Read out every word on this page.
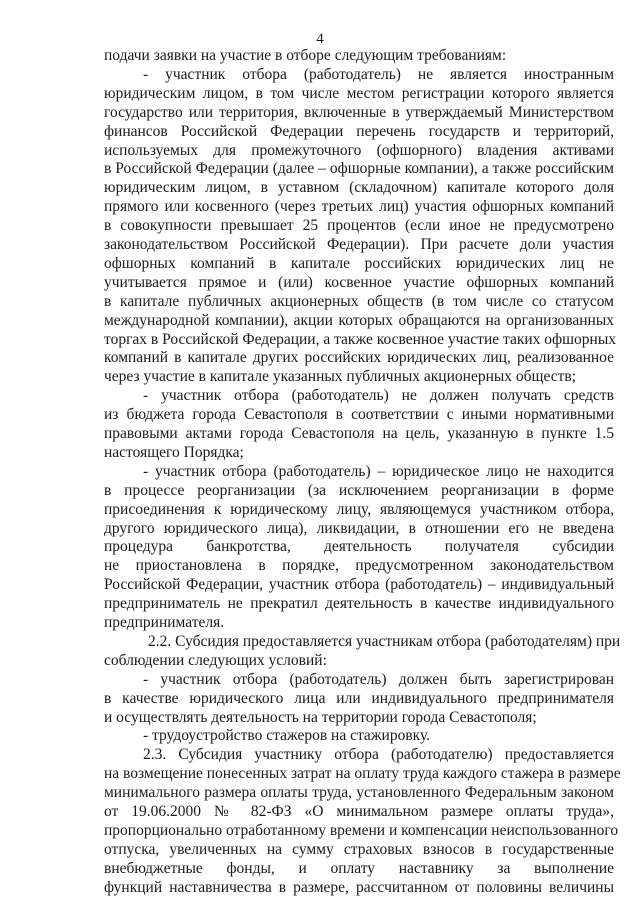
4
подачи заявки на участие в отборе следующим требованиям:
- участник отбора (работодатель) не является иностранным
юридическим лицом, в том числе местом регистрации которого является
государство или территория, включенные в утверждаемый Министерством
финансов Российской Федерации перечень государств и территорий,
используемых для промежуточного (офшорного) владения активами
в Российской Федерации (далее – офшорные компании), а также российским
юридическим лицом, в уставном (складочном) капитале которого доля
прямого или косвенного (через третьих лиц) участия офшорных компаний
в совокупности превышает 25 процентов (если иное не предусмотрено
законодательством Российской Федерации). При расчете доли участия
офшорных компаний в капитале российских юридических лиц не
учитывается прямое и (или) косвенное участие офшорных компаний
в капитале публичных акционерных обществ (в том числе со статусом
международной компании), акции которых обращаются на организованных
торгах в Российской Федерации, а также косвенное участие таких офшорных
компаний в капитале других российских юридических лиц, реализованное
через участие в капитале указанных публичных акционерных обществ;
- участник отбора (работодатель) не должен получать средств
из бюджета города Севастополя в соответствии с иными нормативными
правовыми актами города Севастополя на цель, указанную в пункте 1.5
настоящего Порядка;
- участник отбора (работодатель) – юридическое лицо не находится
в процессе реорганизации (за исключением реорганизации в форме
присоединения к юридическому лицу, являющемуся участником отбора,
другого юридического лица), ликвидации, в отношении его не введена
процедура банкротства, деятельность получателя субсидии
не приостановлена в порядке, предусмотренном законодательством
Российской Федерации, участник отбора (работодатель) – индивидуальный
предприниматель не прекратил деятельность в качестве индивидуального
предпринимателя.
2.2. Субсидия предоставляется участникам отбора (работодателям) при
соблюдении следующих условий:
- участник отбора (работодатель) должен быть зарегистрирован
в качестве юридического лица или индивидуального предпринимателя
и осуществлять деятельность на территории города Севастополя;
- трудоустройство стажеров на стажировку.
2.3. Субсидия участнику отбора (работодателю) предоставляется
на возмещение понесенных затрат на оплату труда каждого стажера в размере
минимального размера оплаты труда, установленного Федеральным законом
от 19.06.2000 № 82-ФЗ «О минимальном размере оплаты труда»,
пропорционально отработанному времени и компенсации неиспользованного
отпуска, увеличенных на сумму страховых взносов в государственные
внебюджетные фонды, и оплату наставнику за выполнение
функций наставничества в размере, рассчитанном от половины величины
